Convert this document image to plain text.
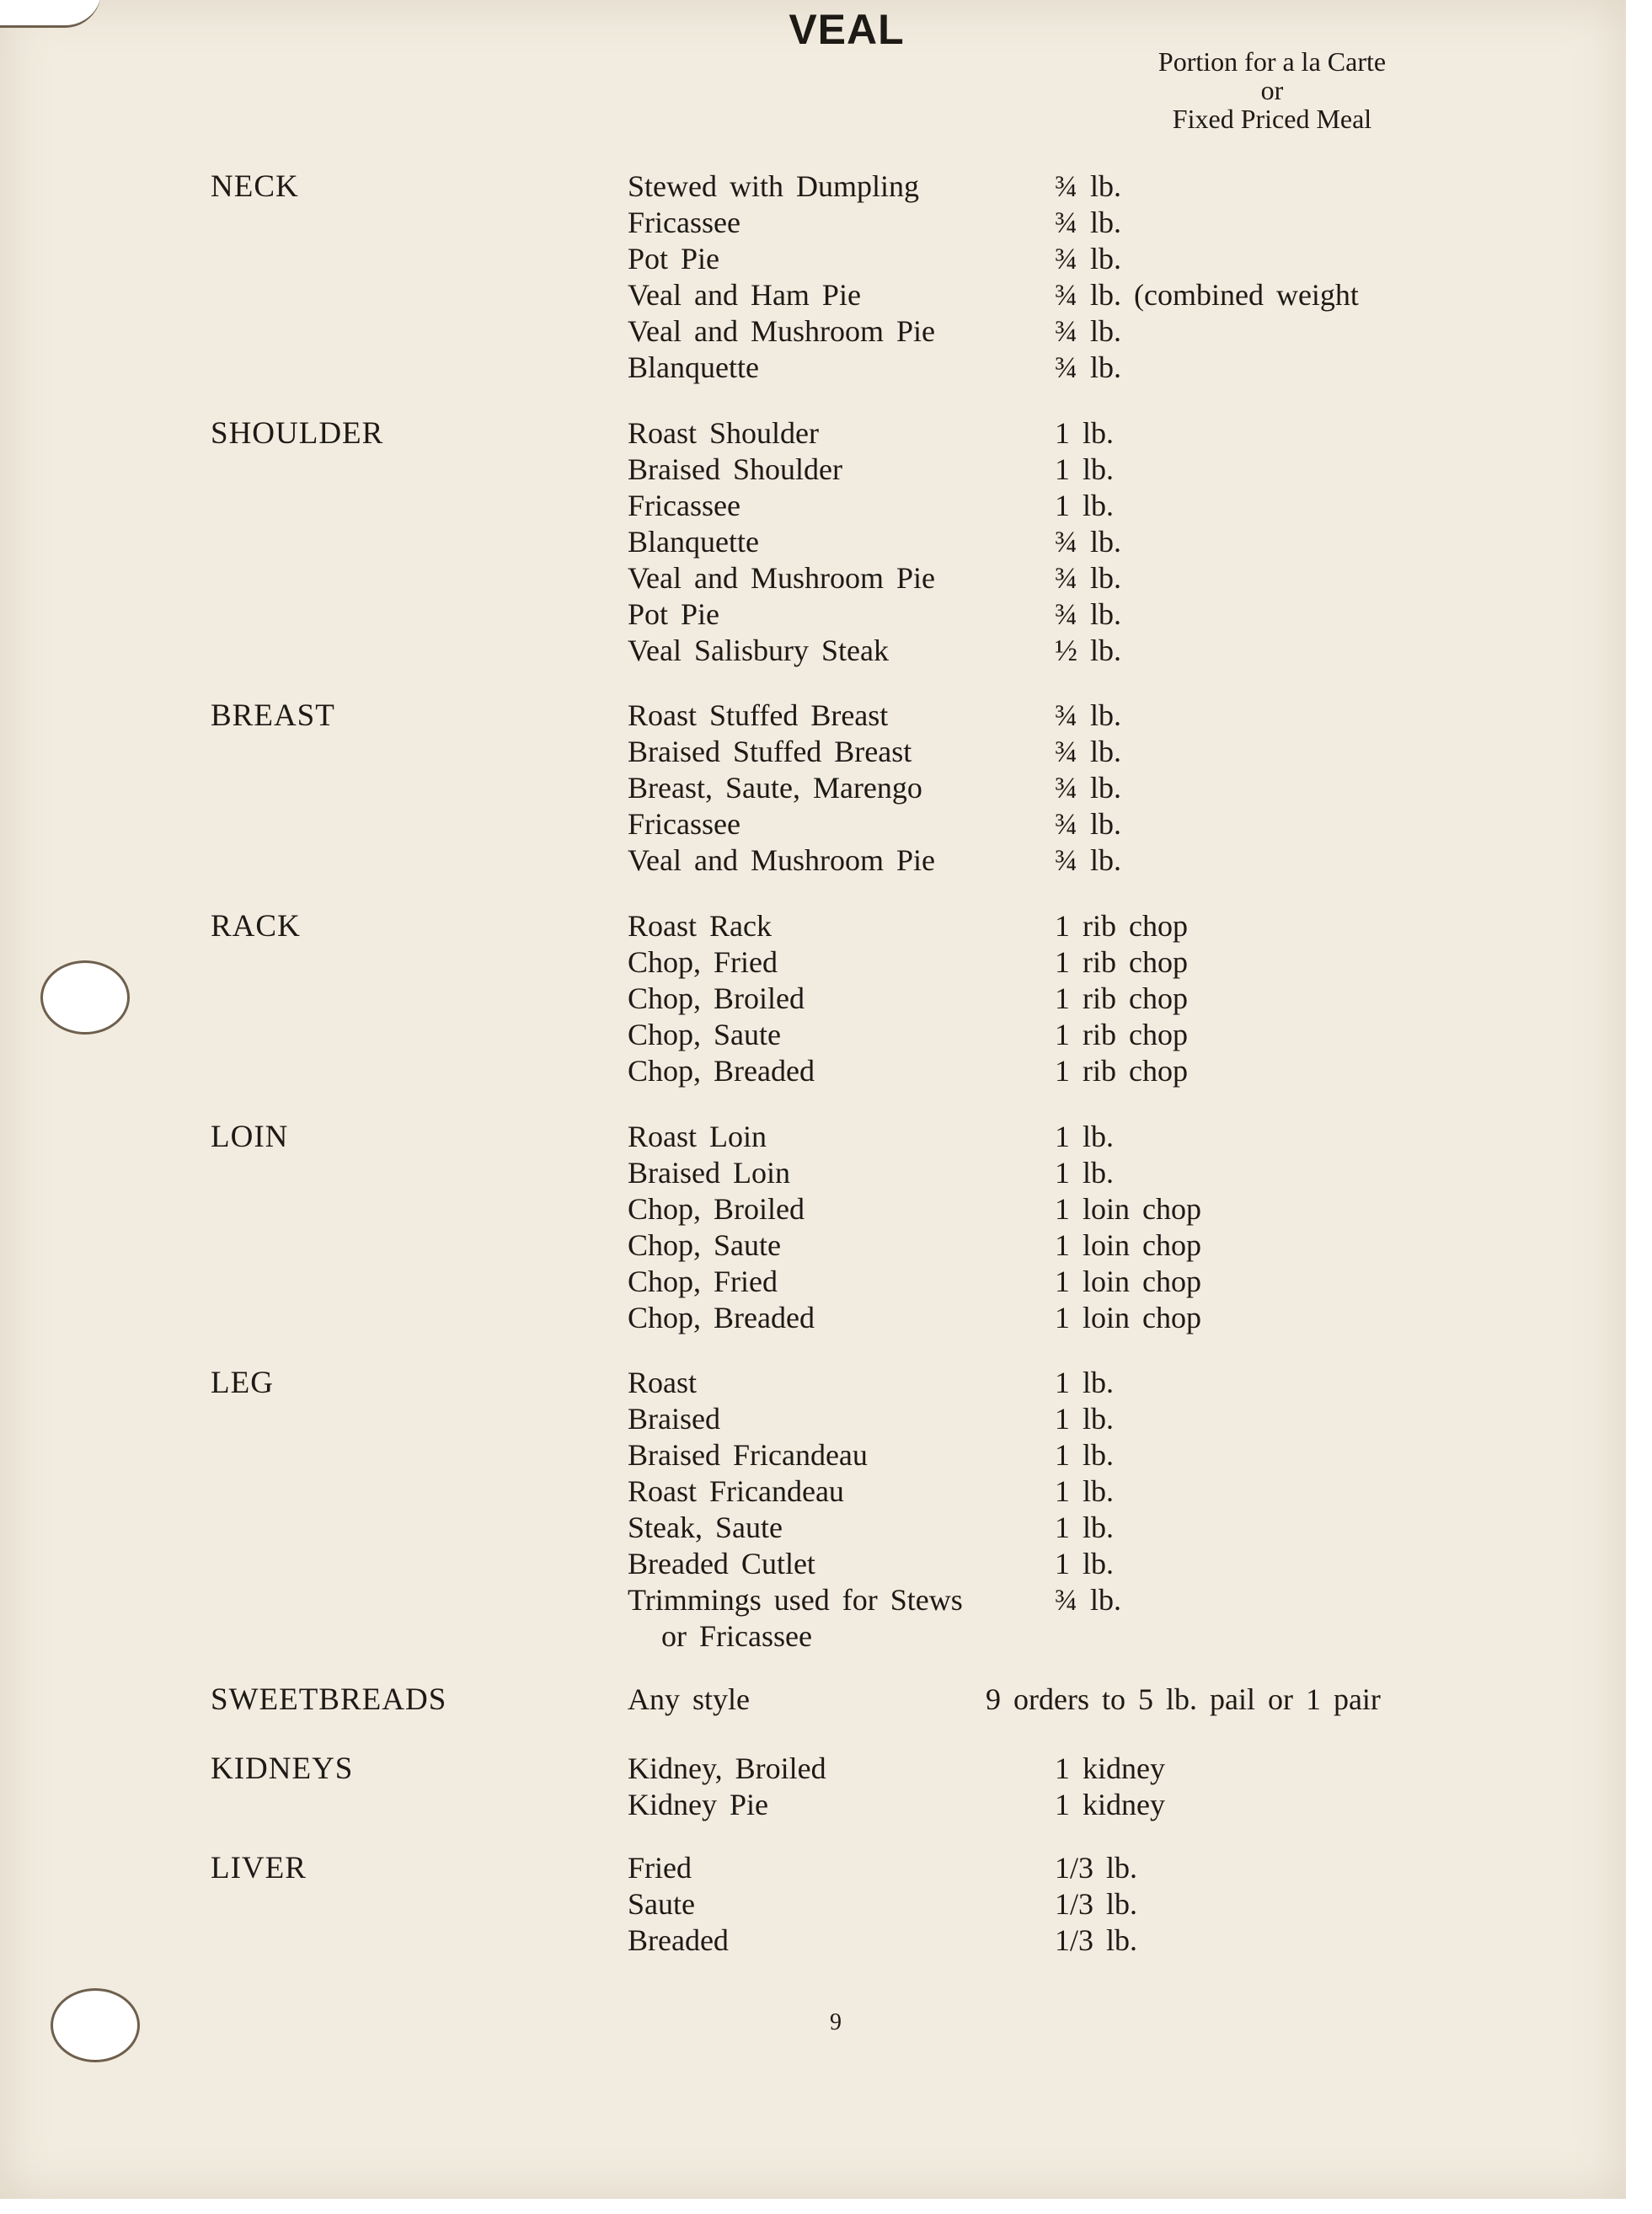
VEAL
Portion for a la Carte
or
Fixed Priced Meal
NECK	Stewed with Dumpling	¾ lb.
Fricassee	¾ lb.
Pot Pie	¾ lb.
Veal and Ham Pie	¾ lb. (combined weight
Veal and Mushroom Pie	¾ lb.
Blanquette	¾ lb.
SHOULDER	Roast Shoulder	1 lb.
Braised Shoulder	1 lb.
Fricassee	1 lb.
Blanquette	¾ lb.
Veal and Mushroom Pie	¾ lb.
Pot Pie	¾ lb.
Veal Salisbury Steak	½ lb.
BREAST	Roast Stuffed Breast	¾ lb.
Braised Stuffed Breast	¾ lb.
Breast, Saute, Marengo	¾ lb.
Fricassee	¾ lb.
Veal and Mushroom Pie	¾ lb.
RACK	Roast Rack	1 rib chop
Chop, Fried	1 rib chop
Chop, Broiled	1 rib chop
Chop, Saute	1 rib chop
Chop, Breaded	1 rib chop
LOIN	Roast Loin	1 lb.
Braised Loin	1 lb.
Chop, Broiled	1 loin chop
Chop, Saute	1 loin chop
Chop, Fried	1 loin chop
Chop, Breaded	1 loin chop
LEG	Roast	1 lb.
Braised	1 lb.
Braised Fricandeau	1 lb.
Roast Fricandeau	1 lb.
Steak, Saute	1 lb.
Breaded Cutlet	1 lb.
Trimmings used for Stews	¾ lb.
or Fricassee
SWEETBREADS	Any style	9 orders to 5 lb. pail or 1 pair
KIDNEYS	Kidney, Broiled	1 kidney
Kidney Pie	1 kidney
LIVER	Fried	1/3 lb.
Saute	1/3 lb.
Breaded	1/3 lb.
9
